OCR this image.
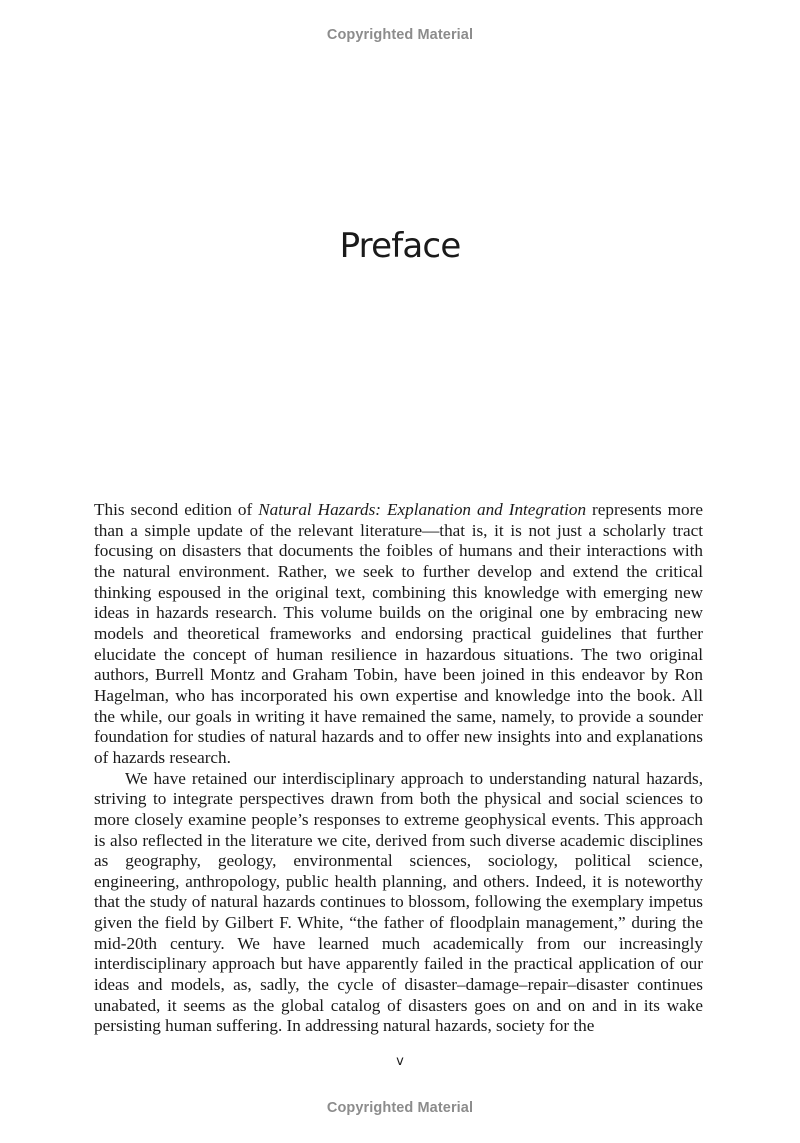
Copyrighted Material
Preface

This second edition of Natural Hazards: Explanation and Integration represents more than a simple update of the relevant literature—that is, it is not just a scholarly tract focusing on disasters that documents the foibles of humans and their interactions with the natural environment. Rather, we seek to further develop and extend the critical thinking espoused in the original text, combining this knowledge with emerging new ideas in hazards research. This volume builds on the original one by embracing new models and theoretical frameworks and endorsing practical guidelines that further elucidate the concept of human resilience in hazardous situations. The two original authors, Burrell Montz and Graham Tobin, have been joined in this endeavor by Ron Hagelman, who has incorporated his own expertise and knowledge into the book. All the while, our goals in writing it have remained the same, namely, to provide a sounder foundation for studies of natural hazards and to offer new insights into and explanations of hazards research.

We have retained our interdisciplinary approach to understanding natural hazards, striving to integrate perspectives drawn from both the physical and social sciences to more closely examine people’s responses to extreme geophysical events. This approach is also reflected in the literature we cite, derived from such diverse academic disciplines as geography, geology, environmental sciences, sociology, political science, engineering, anthropology, public health planning, and others. Indeed, it is noteworthy that the study of natural hazards continues to blossom, following the exemplary impetus given the field by Gilbert F. White, “the father of floodplain management,” during the mid-20th century. We have learned much academically from our increasingly interdisciplinary approach but have apparently failed in the practical application of our ideas and models, as, sadly, the cycle of disaster–damage–repair–disaster continues unabated, it seems as the global catalog of disasters goes on and on and in its wake persisting human suffering. In addressing natural hazards, society for the

v
Copyrighted Material
